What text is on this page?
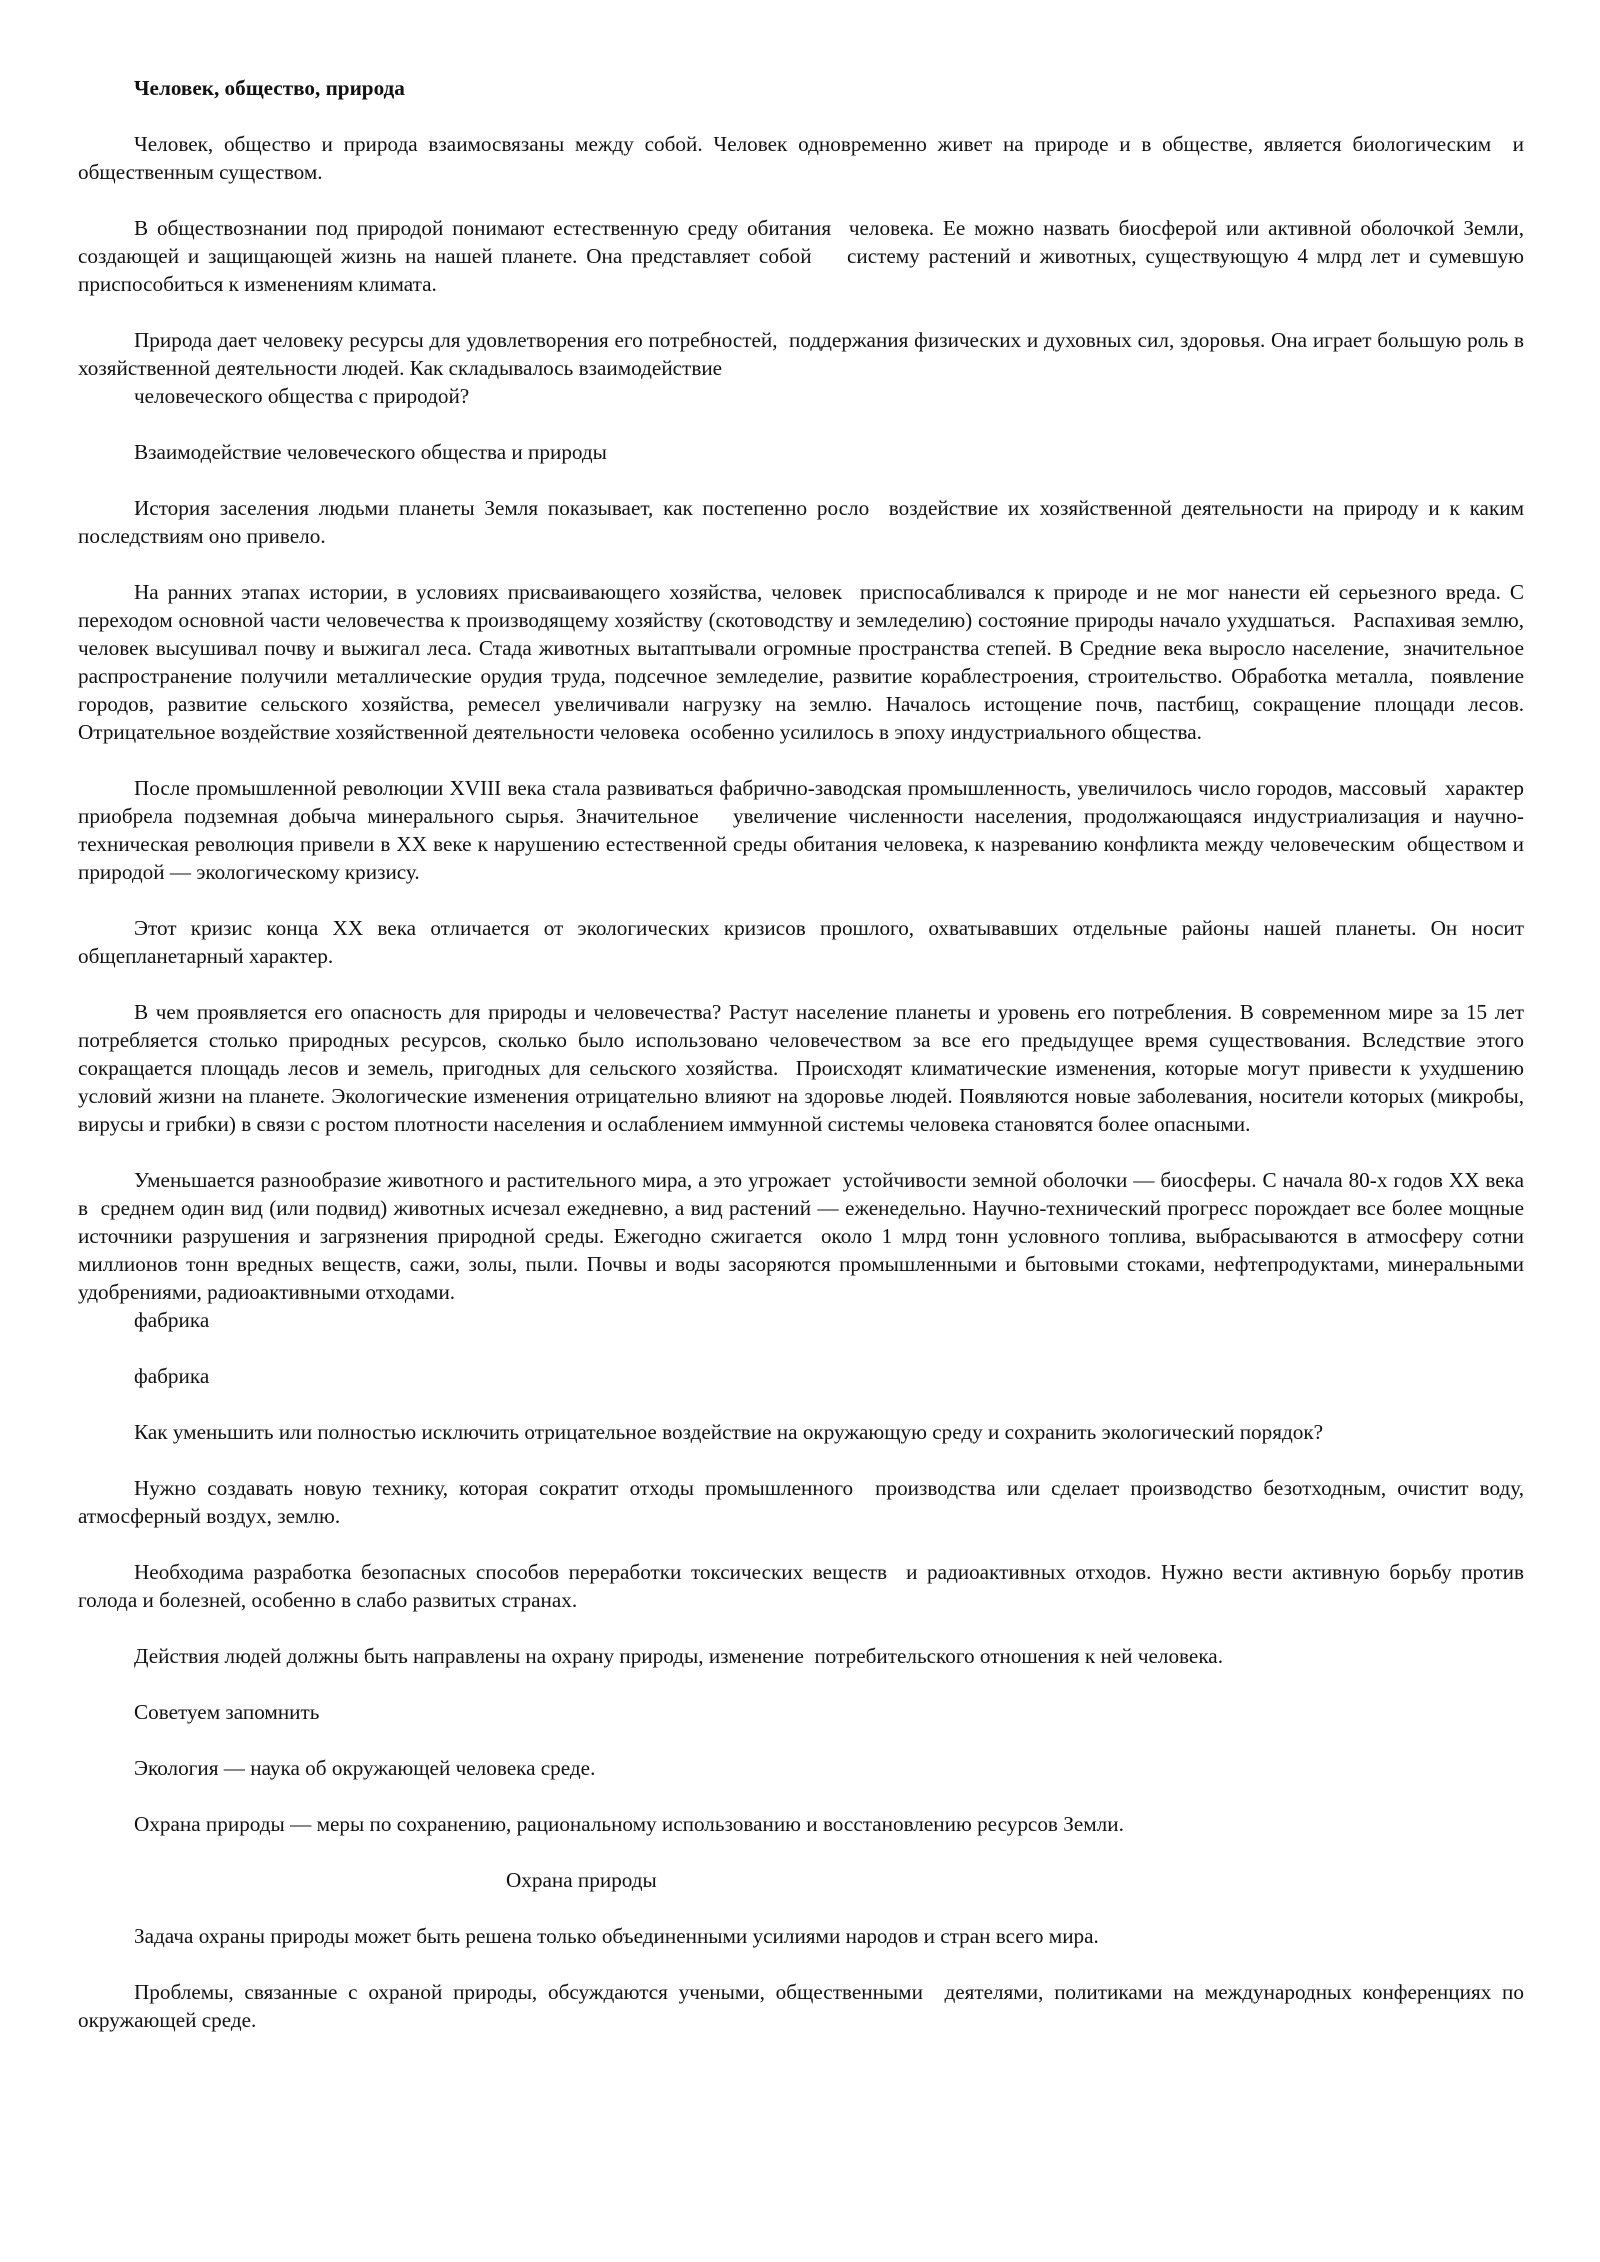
Человек, общество, природа

Человек, общество и природа взаимосвязаны между собой. Человек одновременно живет на природе и в обществе, является биологическим  и  общественным существом.

В обществознании под природой понимают естественную среду обитания  человека. Ее можно назвать биосферой или активной оболочкой Земли, создающей и защищающей жизнь на нашей планете. Она представляет собой    систему растений и животных, существующую 4 млрд лет и сумевшую  приспособиться к изменениям климата.

Природа дает человеку ресурсы для удовлетворения его потребностей,  поддержания физических и духовных сил, здоровья. Она играет большую роль в хозяйственной деятельности людей. Как складывалось взаимодействие

человеческого общества с природой?

Взаимодействие человеческого общества и природы

История заселения людьми планеты Земля показывает, как постепенно росло  воздействие их хозяйственной деятельности на природу и к каким последствиям оно привело.

На ранних этапах истории, в условиях присваивающего хозяйства, человек  приспосабливался к природе и не мог нанести ей серьезного вреда. С  переходом основной части человечества к производящему хозяйству (скотоводству и земледелию) состояние природы начало ухудшаться.   Распахивая землю, человек высушивал почву и выжигал леса. Стада животных вытаптывали огромные пространства степей. В Средние века выросло население,  значительное распространение получили металлические орудия труда, подсечное земледелие, развитие кораблестроения, строительство. Обработка металла,  появление городов, развитие сельского хозяйства, ремесел увеличивали нагрузку на землю. Началось истощение почв, пастбищ, сокращение площади лесов. Отрицательное воздействие хозяйственной деятельности человека  особенно усилилось в эпоху индустриального общества.

После промышленной революции XVIII века стала развиваться фабрично-заводская промышленность, увеличилось число городов, массовый   характер приобрела подземная добыча минерального сырья. Значительное   увеличение численности населения, продолжающаяся индустриализация и научно-техническая революция привели в XX веке к нарушению естественной среды обитания человека, к назреванию конфликта между человеческим  обществом и природой — экологическому кризису.

Этот кризис конца XX века отличается от экологических кризисов прошлого, охватывавших отдельные районы нашей планеты. Он носит общепланетарный характер.

В чем проявляется его опасность для природы и человечества? Растут население планеты и уровень его потребления. В современном мире за 15 лет  потребляется столько природных ресурсов, сколько было использовано человечеством за все его предыдущее время существования. Вследствие этого сокращается площадь лесов и земель, пригодных для сельского хозяйства.  Происходят климатические изменения, которые могут привести к ухудшению условий жизни на планете. Экологические изменения отрицательно влияют на здоровье людей. Появляются новые заболевания, носители которых (микробы, вирусы и грибки) в связи с ростом плотности населения и ослаблением иммунной системы человека становятся более опасными.

Уменьшается разнообразие животного и растительного мира, а это угрожает  устойчивости земной оболочки — биосферы. С начала 80-х годов XX века в  среднем один вид (или подвид) животных исчезал ежедневно, а вид растений — еженедельно. Научно-технический прогресс порождает все более мощные  источники разрушения и загрязнения природной среды. Ежегодно сжигается  около 1 млрд тонн условного топлива, выбрасываются в атмосферу сотни миллионов тонн вредных веществ, сажи, золы, пыли. Почвы и воды засоряются промышленными и бытовыми стоками, нефтепродуктами, минеральными удобрениями, радиоактивными отходами.

фабрика

фабрика

Как уменьшить или полностью исключить отрицательное воздействие на окружающую среду и сохранить экологический порядок?

Нужно создавать новую технику, которая сократит отходы промышленного  производства или сделает производство безотходным, очистит воду,  атмосферный воздух, землю.

Необходима разработка безопасных способов переработки токсических веществ  и радиоактивных отходов. Нужно вести активную борьбу против голода и болезней, особенно в слабо развитых странах.

Действия людей должны быть направлены на охрану природы, изменение  потребительского отношения к ней человека.

Советуем запомнить

Экология — наука об окружающей человека среде.

Охрана природы — меры по сохранению, рациональному использованию и восстановлению ресурсов Земли.

Охрана природы

Задача охраны природы может быть решена только объединенными усилиями народов и стран всего мира.

Проблемы, связанные с охраной природы, обсуждаются учеными, общественными  деятелями, политиками на международных конференциях по окружающей среде.
